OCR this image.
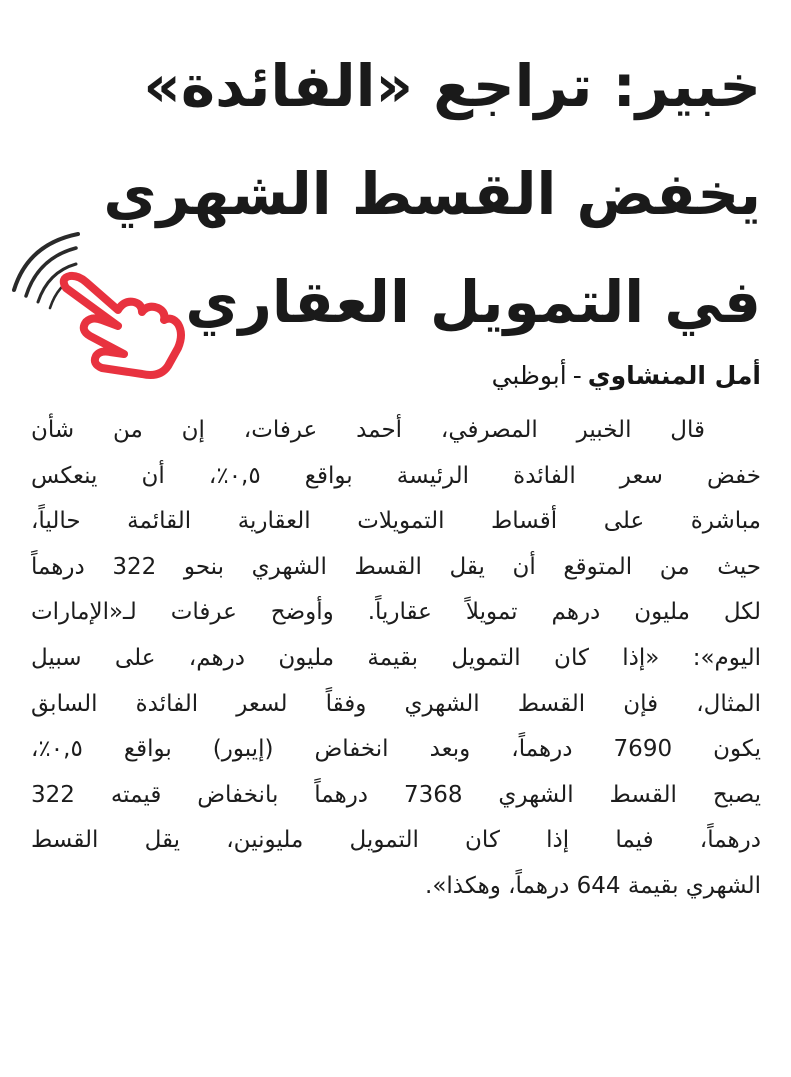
خبير: تراجع «الفائدة»
يخفض القسط الشهري
في التمويل العقاري
أمل المنشاوي-أبوظبي
قال الخبير المصرفي، أحمد عرفات، إن من شأن
خفض سعر الفائدة الرئيسة بواقع ٠,٥٪، أن ينعكس
مباشرة على أقساط التمويلات العقارية القائمة حالياً،
حيث من المتوقع أن يقل القسط الشهري بنحو 322 درهماً
لكل مليون درهم تمويلاً عقارياً. وأوضح عرفات لـ«الإمارات
اليوم»: «إذا كان التمويل بقيمة مليون درهم، على سبيل
المثال، فإن القسط الشهري وفقاً لسعر الفائدة السابق
يكون 7690 درهماً، وبعد انخفاض (إيبور) بواقع ٠,٥٪،
يصبح القسط الشهري 7368 درهماً بانخفاض قيمته 322
درهماً، فيما إذا كان التمويل مليونين، يقل القسط
الشهري بقيمة 644 درهماً، وهكذا».
